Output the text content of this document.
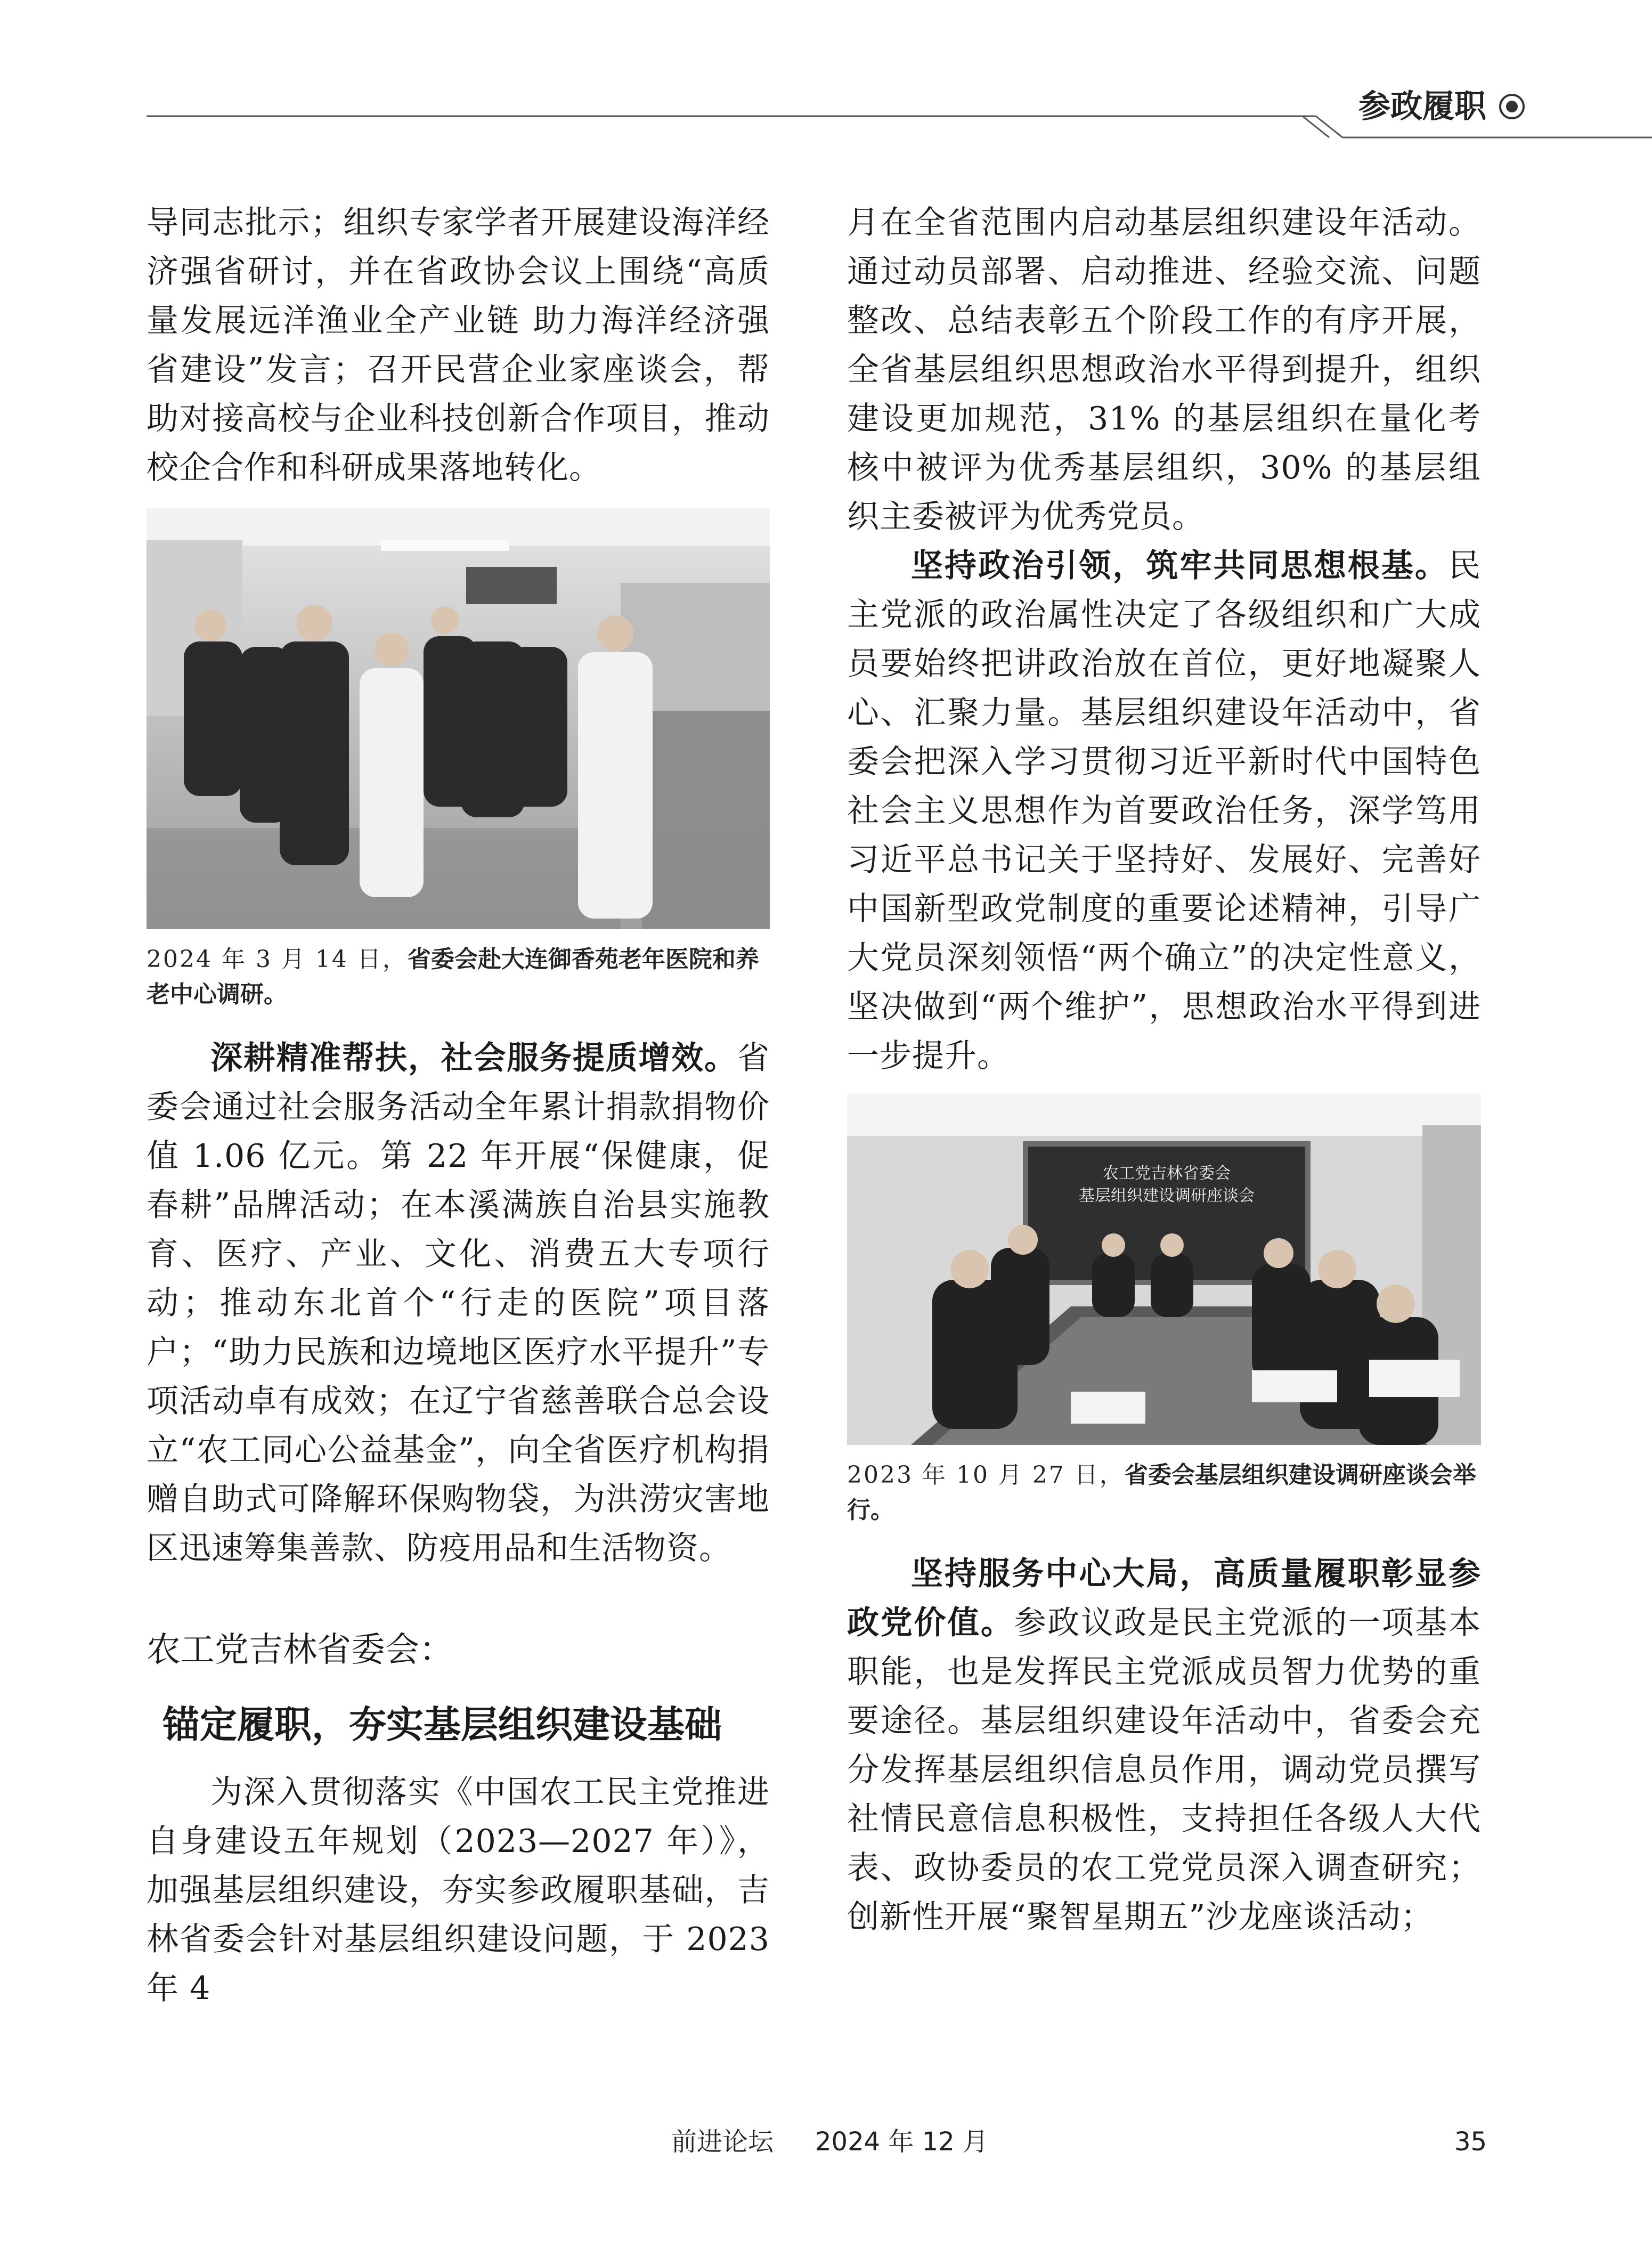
参政履职

导同志批示；组织专家学者开展建设海洋经济强省研讨，并在省政协会议上围绕“高质量发展远洋渔业全产业链 助力海洋经济强省建设”发言；召开民营企业家座谈会，帮助对接高校与企业科技创新合作项目，推动校企合作和科研成果落地转化。

2024 年 3 月 14 日，省委会赴大连御香苑老年医院和养老中心调研。

深耕精准帮扶，社会服务提质增效。省委会通过社会服务活动全年累计捐款捐物价值 1.06 亿元。第 22 年开展“保健康，促春耕”品牌活动；在本溪满族自治县实施教育、医疗、产业、文化、消费五大专项行动；推动东北首个“行走的医院”项目落户；“助力民族和边境地区医疗水平提升”专项活动卓有成效；在辽宁省慈善联合总会设立“农工同心公益基金”，向全省医疗机构捐赠自助式可降解环保购物袋，为洪涝灾害地区迅速筹集善款、防疫用品和生活物资。

农工党吉林省委会：

锚定履职，夯实基层组织建设基础

为深入贯彻落实《中国农工民主党推进自身建设五年规划（2023—2027 年）》，加强基层组织建设，夯实参政履职基础，吉林省委会针对基层组织建设问题，于 2023 年 4

月在全省范围内启动基层组织建设年活动。通过动员部署、启动推进、经验交流、问题整改、总结表彰五个阶段工作的有序开展，全省基层组织思想政治水平得到提升，组织建设更加规范，31% 的基层组织在量化考核中被评为优秀基层组织，30% 的基层组织主委被评为优秀党员。

坚持政治引领，筑牢共同思想根基。民主党派的政治属性决定了各级组织和广大成员要始终把讲政治放在首位，更好地凝聚人心、汇聚力量。基层组织建设年活动中，省委会把深入学习贯彻习近平新时代中国特色社会主义思想作为首要政治任务，深学笃用习近平总书记关于坚持好、发展好、完善好中国新型政党制度的重要论述精神，引导广大党员深刻领悟“两个确立”的决定性意义，坚决做到“两个维护”，思想政治水平得到进一步提升。

农工党吉林省委会
基层组织建设调研座谈会
2023 年 10 月 27 日，省委会基层组织建设调研座谈会举行。

坚持服务中心大局，高质量履职彰显参政党价值。参政议政是民主党派的一项基本职能，也是发挥民主党派成员智力优势的重要途径。基层组织建设年活动中，省委会充分发挥基层组织信息员作用，调动党员撰写社情民意信息积极性，支持担任各级人大代表、政协委员的农工党党员深入调查研究；创新性开展“聚智星期五”沙龙座谈活动；

前进论坛 2024 年 12 月	35
